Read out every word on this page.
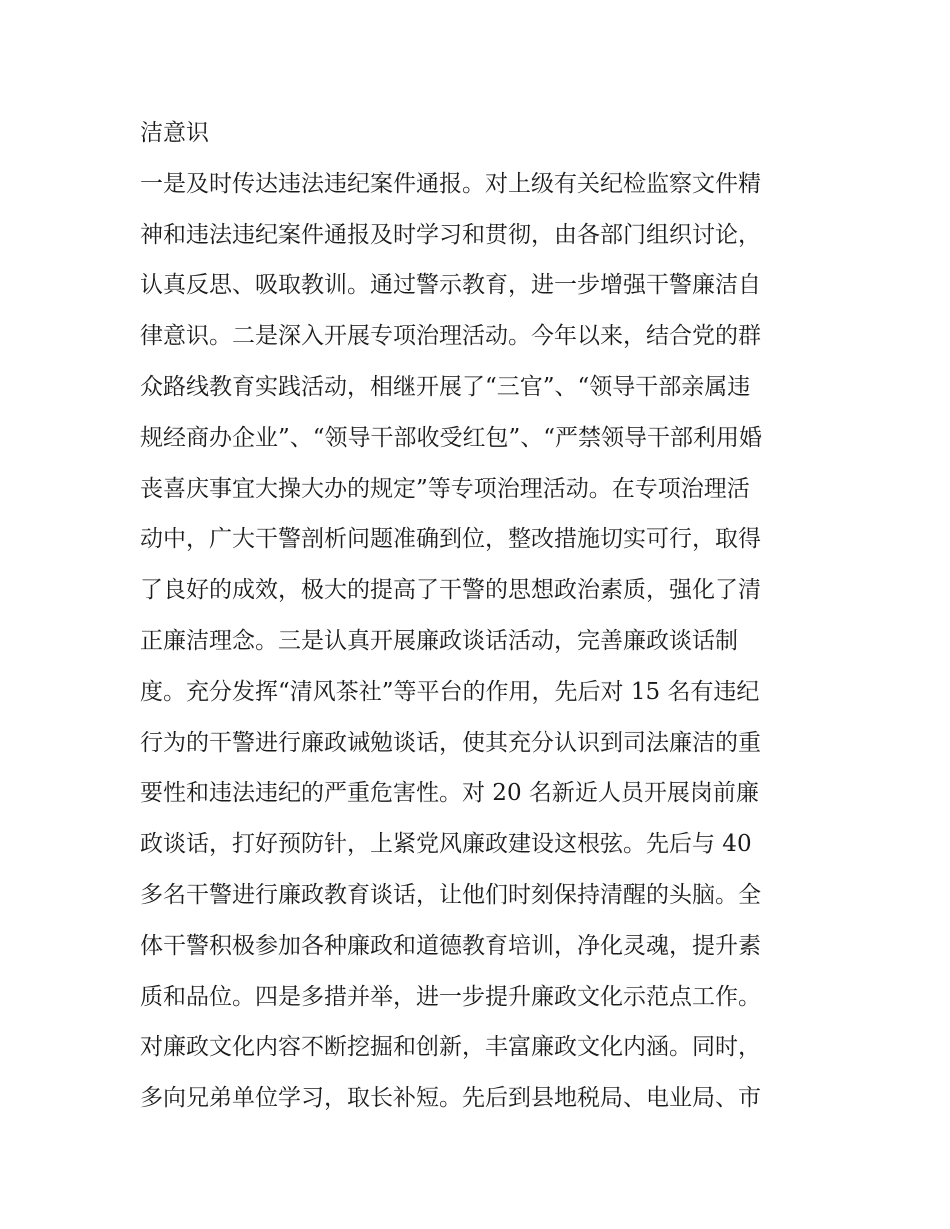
洁意识
一是及时传达违法违纪案件通报。对上级有关纪检监察文件精
神和违法违纪案件通报及时学习和贯彻，由各部门组织讨论，
认真反思、吸取教训。通过警示教育，进一步增强干警廉洁自
律意识。二是深入开展专项治理活动。今年以来，结合党的群
众路线教育实践活动，相继开展了“三官”、“领导干部亲属违
规经商办企业”、“领导干部收受红包”、“严禁领导干部利用婚
丧喜庆事宜大操大办的规定”等专项治理活动。在专项治理活
动中，广大干警剖析问题准确到位，整改措施切实可行，取得
了良好的成效，极大的提高了干警的思想政治素质，强化了清
正廉洁理念。三是认真开展廉政谈话活动，完善廉政谈话制
度。充分发挥“清风茶社”等平台的作用，先后对 15 名有违纪
行为的干警进行廉政诫勉谈话，使其充分认识到司法廉洁的重
要性和违法违纪的严重危害性。对 20 名新近人员开展岗前廉
政谈话，打好预防针，上紧党风廉政建设这根弦。先后与 40
多名干警进行廉政教育谈话，让他们时刻保持清醒的头脑。全
体干警积极参加各种廉政和道德教育培训，净化灵魂，提升素
质和品位。四是多措并举，进一步提升廉政文化示范点工作。
对廉政文化内容不断挖掘和创新，丰富廉政文化内涵。同时，
多向兄弟单位学习，取长补短。先后到县地税局、电业局、市
